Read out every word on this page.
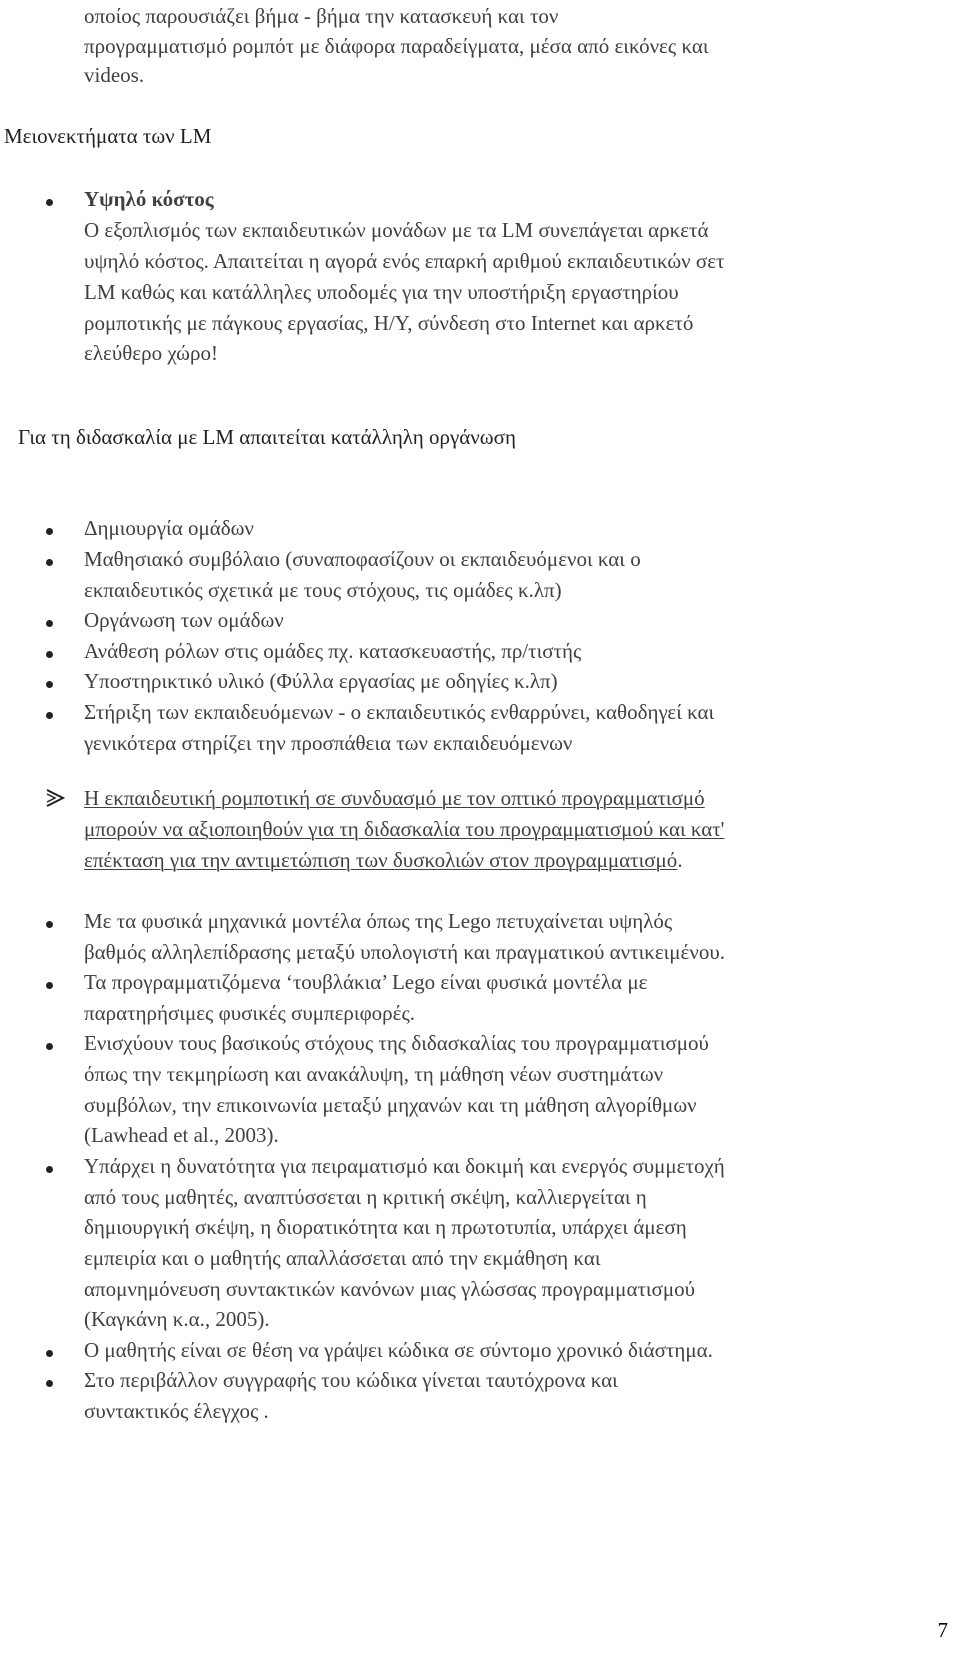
οποίος παρουσιάζει βήμα - βήμα την κατασκευή και τον
προγραμματισμό ρομπότ με διάφορα παραδείγματα, μέσα από εικόνες και
videos.
Μειονεκτήματα των LM
Υψηλό κόστος
Ο εξοπλισμός των εκπαιδευτικών μονάδων με τα LM συνεπάγεται αρκετά
υψηλό κόστος. Απαιτείται η αγορά ενός επαρκή αριθμού εκπαιδευτικών σετ
LM καθώς και κατάλληλες υποδομές για την υποστήριξη εργαστηρίου
ρομποτικής με πάγκους εργασίας, Η/Υ, σύνδεση στο Internet και αρκετό
ελεύθερο χώρο!
Για τη διδασκαλία με LM απαιτείται κατάλληλη οργάνωση
Δημιουργία ομάδων
Μαθησιακό συμβόλαιο (συναποφασίζουν οι εκπαιδευόμενοι και ο
εκπαιδευτικός σχετικά με τους στόχους, τις ομάδες κ.λπ)
Οργάνωση των ομάδων
Ανάθεση ρόλων στις ομάδες πχ. κατασκευαστής, πρ/τιστής
Υποστηρικτικό υλικό (Φύλλα εργασίας με οδηγίες κ.λπ)
Στήριξη των εκπαιδευόμενων - ο εκπαιδευτικός ενθαρρύνει, καθοδηγεί και
γενικότερα στηρίζει την προσπάθεια των εκπαιδευόμενων
Η εκπαιδευτική ρομποτική σε συνδυασμό με τον οπτικό προγραμματισμό
μπορούν να αξιοποιηθούν για τη διδασκαλία του προγραμματισμού και κατ'
επέκταση για την αντιμετώπιση των δυσκολιών στον προγραμματισμό.
Με τα φυσικά μηχανικά μοντέλα όπως της Lego πετυχαίνεται υψηλός
βαθμός αλληλεπίδρασης μεταξύ υπολογιστή και πραγματικού αντικειμένου.
Τα προγραμματιζόμενα ‘τουβλάκια’ Lego είναι φυσικά μοντέλα με
παρατηρήσιμες φυσικές συμπεριφορές.
Ενισχύουν τους βασικούς στόχους της διδασκαλίας του προγραμματισμού
όπως την τεκμηρίωση και ανακάλυψη, τη μάθηση νέων συστημάτων
συμβόλων, την επικοινωνία μεταξύ μηχανών και τη μάθηση αλγορίθμων
(Lawhead et al., 2003).
Υπάρχει η δυνατότητα για πειραματισμό και δοκιμή και ενεργός συμμετοχή
από τους μαθητές, αναπτύσσεται η κριτική σκέψη, καλλιεργείται η
δημιουργική σκέψη, η διορατικότητα και η πρωτοτυπία, υπάρχει άμεση
εμπειρία και ο μαθητής απαλλάσσεται από την εκμάθηση και
απομνημόνευση συντακτικών κανόνων μιας γλώσσας προγραμματισμού
(Καγκάνη κ.α., 2005).
Ο μαθητής είναι σε θέση να γράψει κώδικα σε σύντομο χρονικό διάστημα.
Στο περιβάλλον συγγραφής του κώδικα γίνεται ταυτόχρονα και
συντακτικός έλεγχος .
7
